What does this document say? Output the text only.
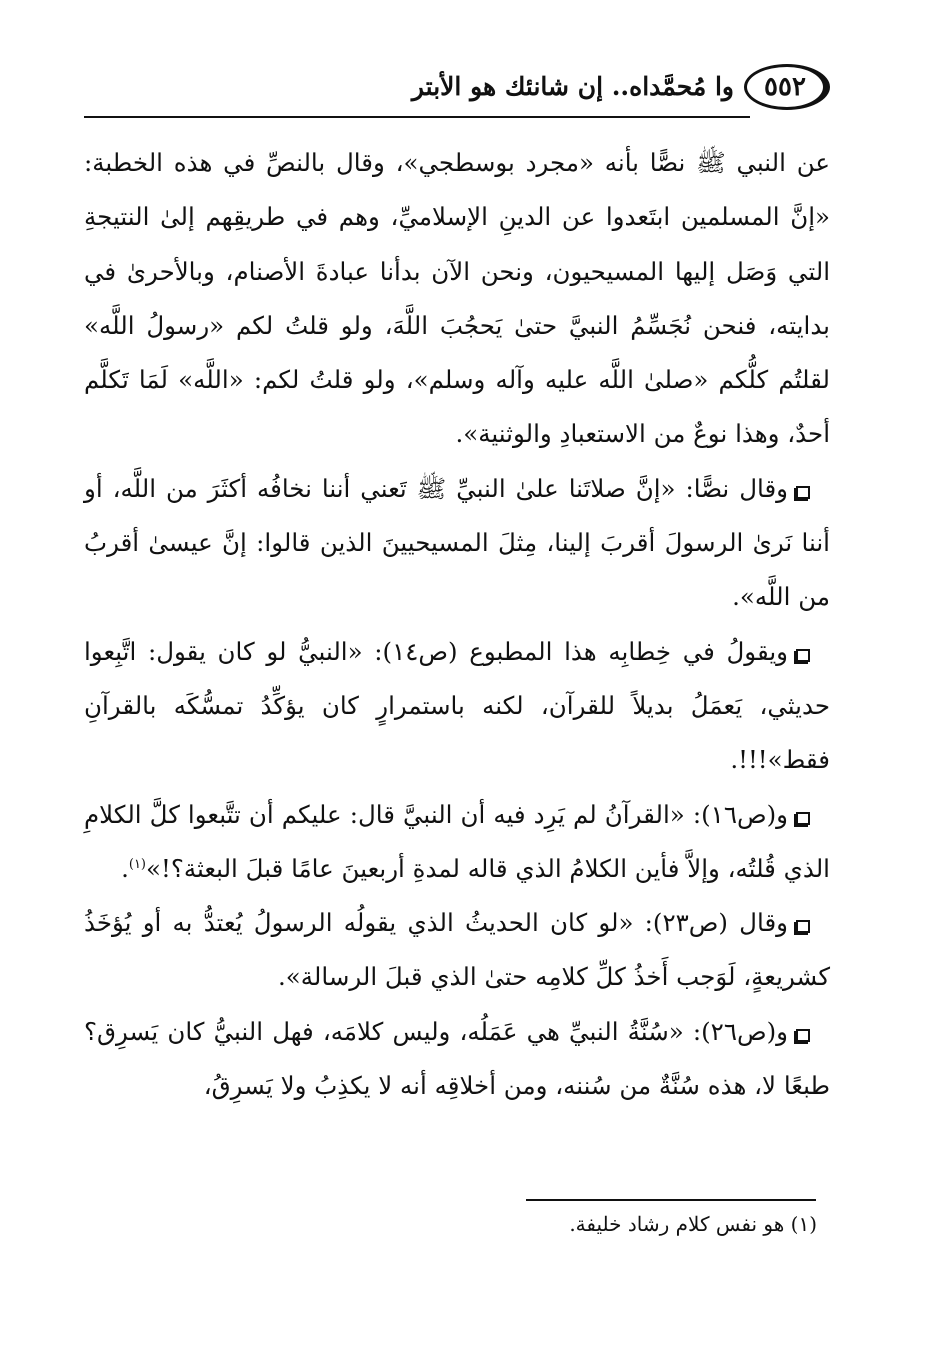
٥٥٢
وا مُحمَّداه.. إن شانئك هو الأبتر

عن النبي ﷺ نصًّا بأنه «مجرد بوسطجي»، وقال بالنصِّ في هذه الخطبة: «إنَّ المسلمين ابتَعدوا عن الدينِ الإسلاميِّ، وهم في طريقِهم إلىٰ النتيجةِ التي وَصَل إليها المسيحيون، ونحن الآن بدأنا عبادةَ الأصنام، وبالأحرىٰ في بدايته، فنحن نُجَسِّمُ النبيَّ حتىٰ يَحجُبَ اللَّهَ، ولو قلتُ لكم «رسولُ اللَّه» لقلتُم كلُّكم «صلىٰ اللَّه عليه وآله وسلم»، ولو قلتُ لكم: «اللَّه» لَمَا تَكلَّم أحدٌ، وهذا نوعٌ من الاستعبادِ والوثنية».

وقال نصًّا: «إنَّ صلاتَنا علىٰ النبيِّ ﷺ تَعني أننا نخافُه أكثَرَ من اللَّه، أو أننا نَرىٰ الرسولَ أقربَ إلينا، مِثلَ المسيحيينَ الذين قالوا: إنَّ عيسىٰ أقربُ من اللَّه».

ويقولُ في خِطابِه هذا المطبوع (ص١٤): «النبيُّ لو كان يقول: اتَّبِعوا حديثي، يَعمَلُ بديلاً للقرآن، لكنه باستمرارٍ كان يؤكِّدُ تمسُّكَه بالقرآنِ فقط»!!!.

و(ص١٦): «القرآنُ لم يَرِد فيه أن النبيَّ قال: عليكم أن تتَّبعوا كلَّ الكلامِ الذي قُلتُه، وإلاَّ فأين الكلامُ الذي قاله لمدةِ أربعينَ عامًا قبلَ البعثة؟!»$^{(١)}$.

وقال (ص٢٣): «لو كان الحديثُ الذي يقولُه الرسولُ يُعتدُّ به أو يُؤخَذُ كشريعةٍ، لَوَجب أَخذُ كلِّ كلامِه حتىٰ الذي قبلَ الرسالة».

و(ص٢٦): «سُنَّةُ النبيِّ هي عَمَلُه، وليس كلامَه، فهل النبيُّ كان يَسرِق؟ طبعًا لا، هذه سُنَّةٌ من سُننه، ومن أخلاقِه أنه لا يكذِبُ ولا يَسرِقُ،

(١) هو نفس كلام رشاد خليفة.
